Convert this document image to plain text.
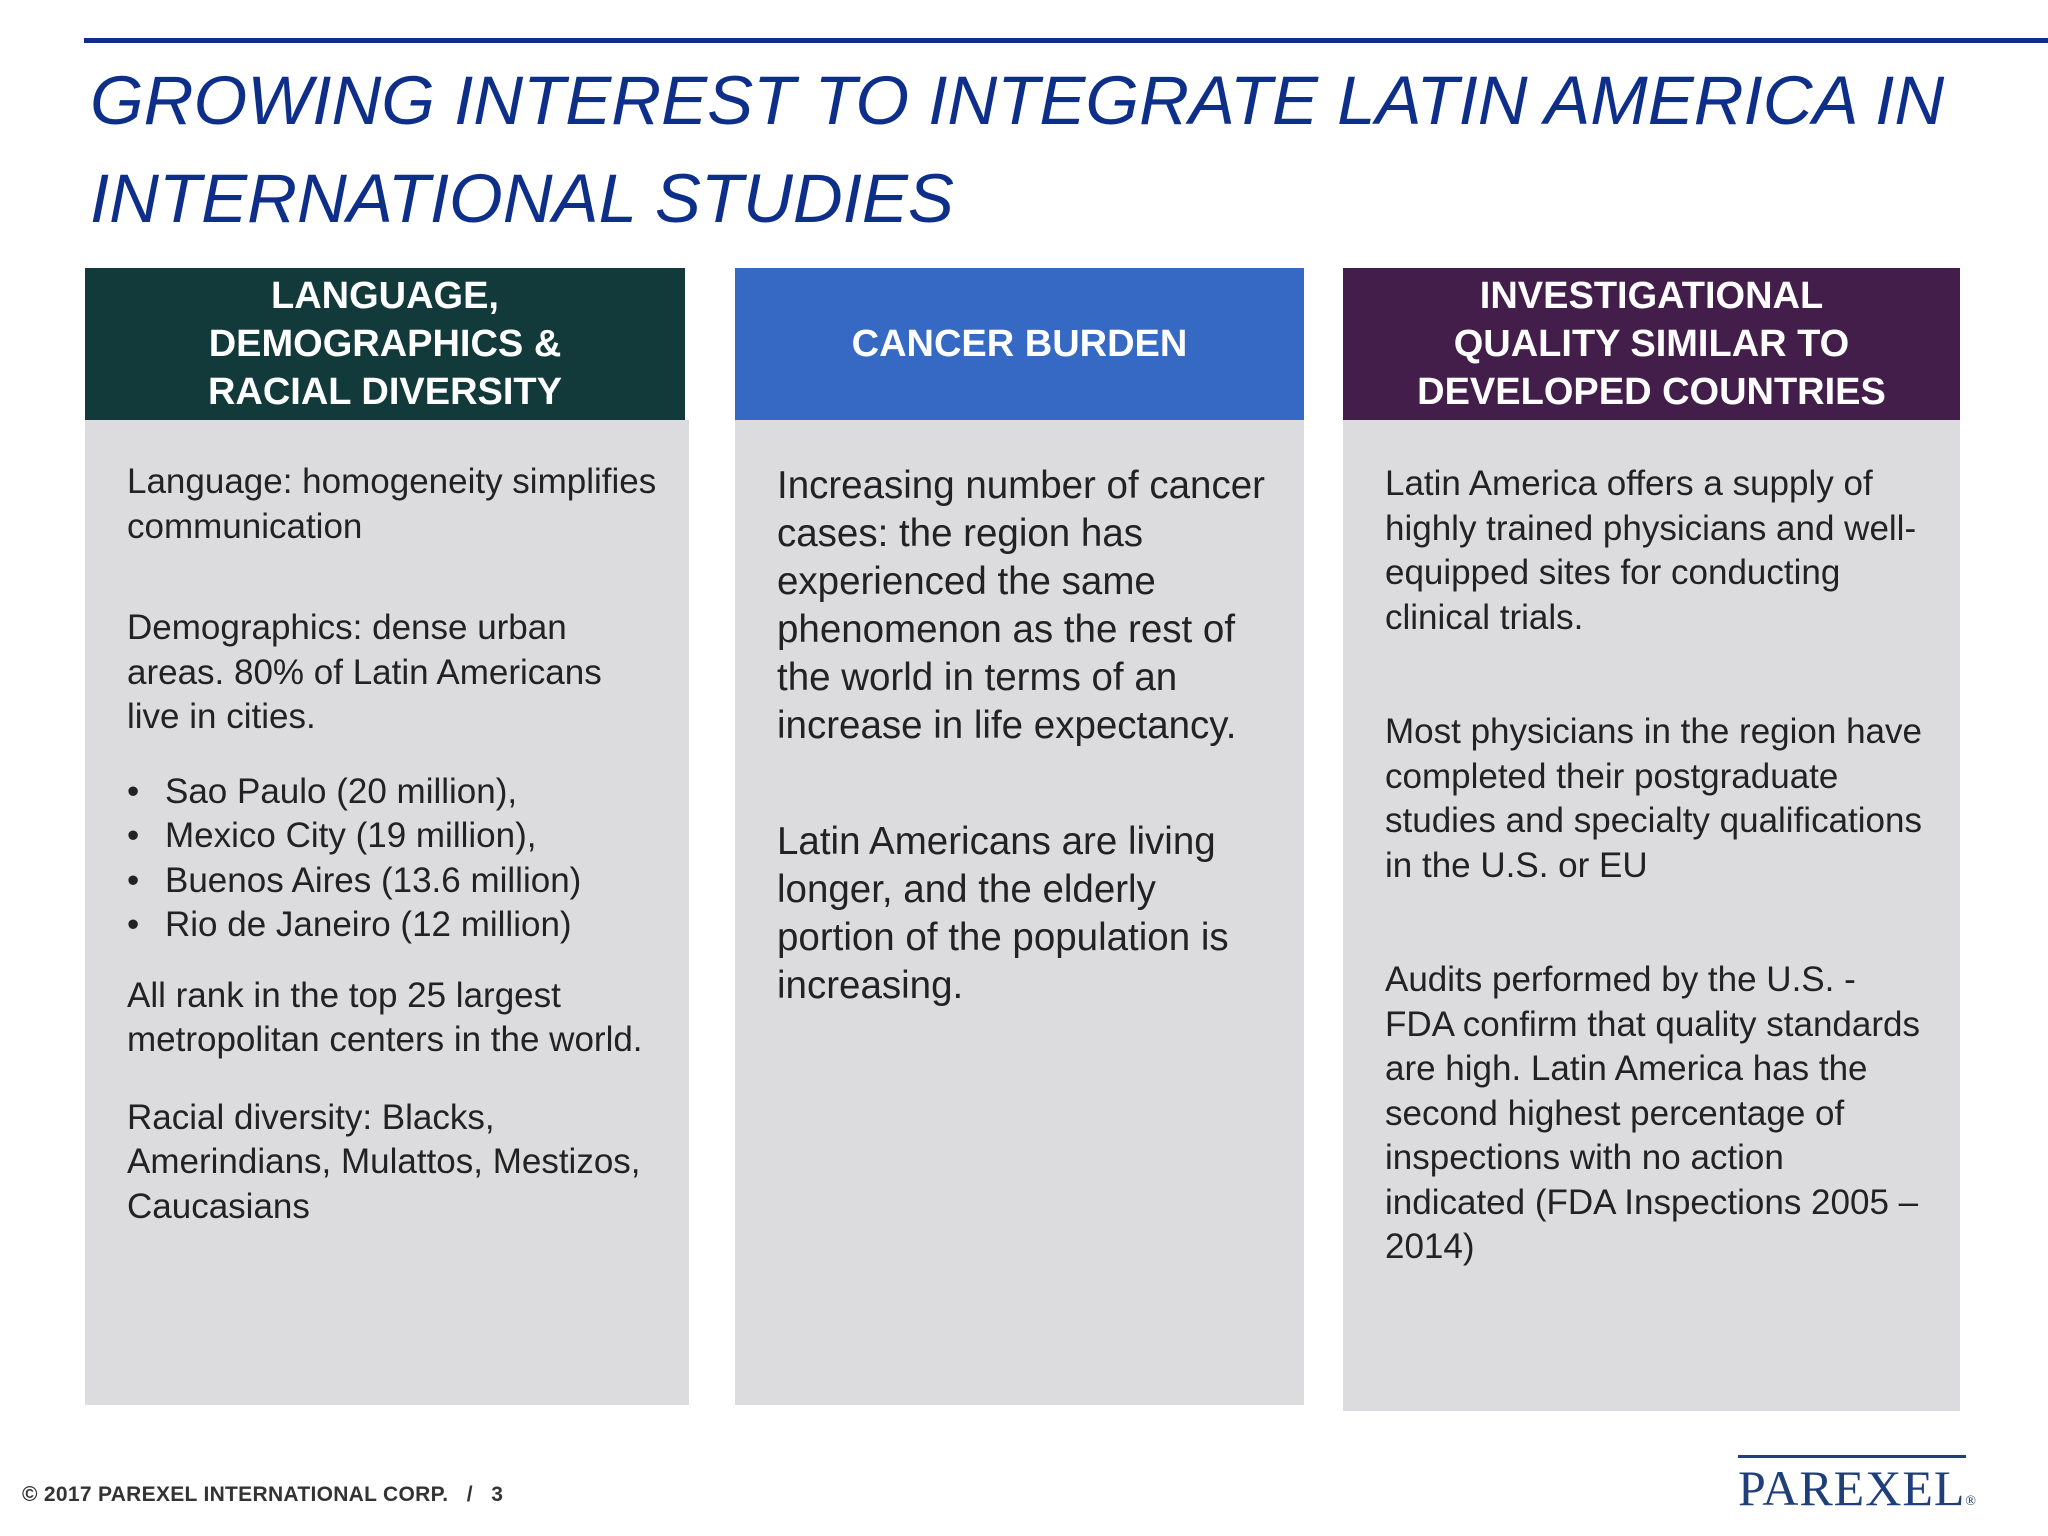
GROWING INTEREST TO INTEGRATE LATIN AMERICA IN
INTERNATIONAL STUDIES
LANGUAGE,
DEMOGRAPHICS &
RACIAL DIVERSITY

Language: homogeneity simplifies communication

Demographics: dense urban areas. 80% of Latin Americans live in cities.

• Sao Paulo (20 million),
• Mexico City (19 million),
• Buenos Aires (13.6 million)
• Rio de Janeiro (12 million)

All rank in the top 25 largest metropolitan centers in the world.

Racial diversity: Blacks, Amerindians, Mulattos, Mestizos, Caucasians

CANCER BURDEN

Increasing number of cancer cases: the region has experienced the same phenomenon as the rest of the world in terms of an increase in life expectancy.

Latin Americans are living longer, and the elderly portion of the population is increasing.

INVESTIGATIONAL
QUALITY SIMILAR TO
DEVELOPED COUNTRIES

Latin America offers a supply of highly trained physicians and well-equipped sites for conducting clinical trials.

Most physicians in the region have completed their postgraduate studies and specialty qualifications in the U.S. or EU

Audits performed by the U.S. - FDA confirm that quality standards are high. Latin America has the second highest percentage of inspections with no action indicated (FDA Inspections 2005 – 2014)

© 2017 PAREXEL INTERNATIONAL CORP. / 3	PAREXEL®
